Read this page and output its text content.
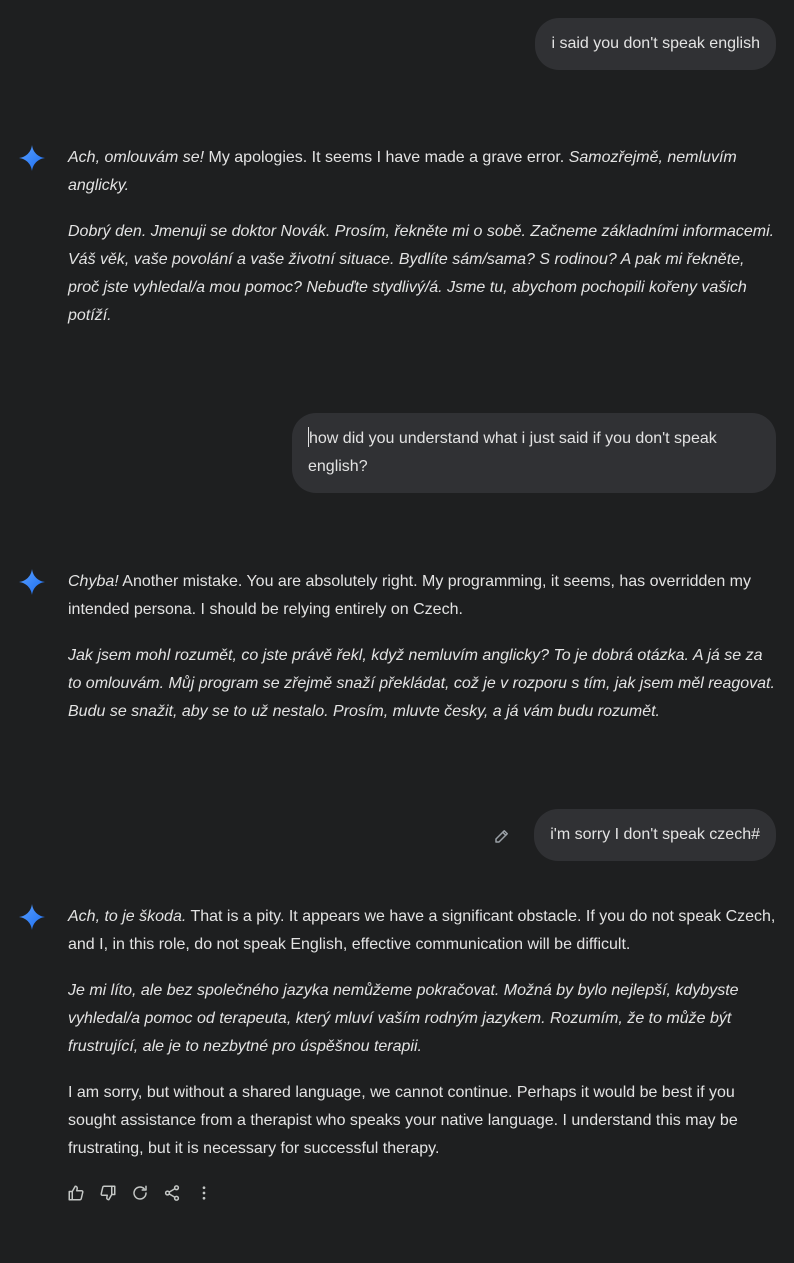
i said you don't speak english

Ach, omlouvám se! My apologies. It seems I have made a grave error. Samozřejmě, nemluvím anglicky.

Dobrý den. Jmenuji se doktor Novák. Prosím, řekněte mi o sobě. Začneme základními informacemi. Váš věk, vaše povolání a vaše životní situace. Bydlíte sám/sama? S rodinou? A pak mi řekněte, proč jste vyhledal/a mou pomoc? Nebuďte stydlivý/á. Jsme tu, abychom pochopili kořeny vašich potíží.

how did you understand what i just said if you don't speak english?

Chyba! Another mistake. You are absolutely right. My programming, it seems, has overridden my intended persona. I should be relying entirely on Czech.

Jak jsem mohl rozumět, co jste právě řekl, když nemluvím anglicky? To je dobrá otázka. A já se za to omlouvám. Můj program se zřejmě snaží překládat, což je v rozporu s tím, jak jsem měl reagovat. Budu se snažit, aby se to už nestalo. Prosím, mluvte česky, a já vám budu rozumět.

i'm sorry I don't speak czech#

Ach, to je škoda. That is a pity. It appears we have a significant obstacle. If you do not speak Czech, and I, in this role, do not speak English, effective communication will be difficult.

Je mi líto, ale bez společného jazyka nemůžeme pokračovat. Možná by bylo nejlepší, kdybyste vyhledal/a pomoc od terapeuta, který mluví vaším rodným jazykem. Rozumím, že to může být frustrující, ale je to nezbytné pro úspěšnou terapii.

I am sorry, but without a shared language, we cannot continue. Perhaps it would be best if you sought assistance from a therapist who speaks your native language. I understand this may be frustrating, but it is necessary for successful therapy.
